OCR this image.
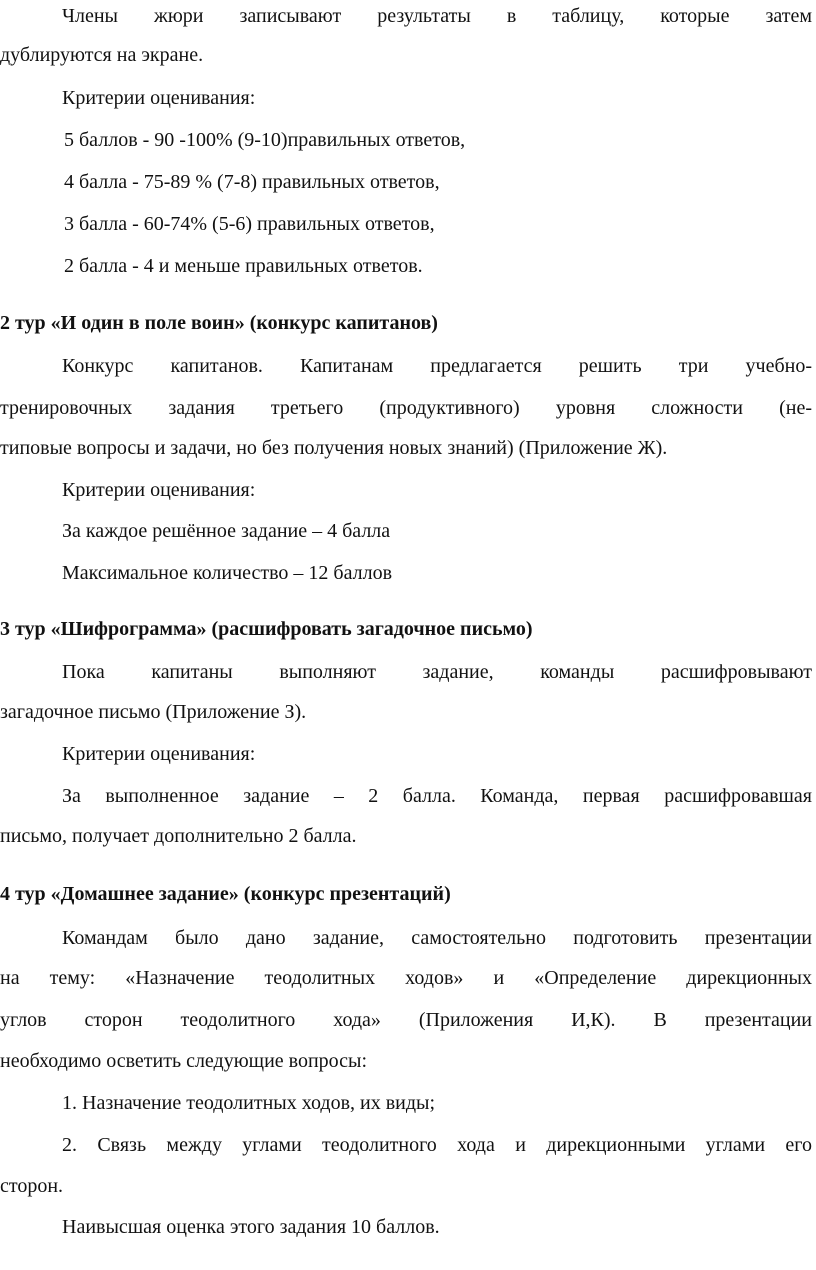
Члены жюри записывают результаты в таблицу, которые затем
дублируются на экране.
Критерии оценивания:
5 баллов - 90 -100% (9-10)правильных ответов,
4 балла - 75-89 % (7-8) правильных ответов,
3 балла - 60-74% (5-6) правильных ответов,
2 балла - 4 и меньше правильных ответов.
2 тур «И один в поле воин» (конкурс капитанов)
Конкурс капитанов. Капитанам предлагается решить три учебно-
тренировочных задания третьего (продуктивного) уровня сложности (не-
типовые вопросы и задачи, но без получения новых знаний) (Приложение Ж).
Критерии оценивания:
За каждое решённое задание – 4 балла
Максимальное количество – 12 баллов
3 тур «Шифрограмма» (расшифровать загадочное письмо)
Пока капитаны выполняют задание, команды расшифровывают
загадочное письмо (Приложение З).
Критерии оценивания:
За выполненное задание – 2 балла. Команда, первая расшифровавшая
письмо, получает дополнительно 2 балла.
4 тур «Домашнее задание» (конкурс презентаций)
Командам было дано задание, самостоятельно подготовить презентации
на тему: «Назначение теодолитных ходов» и «Определение дирекционных
углов сторон теодолитного хода» (Приложения И,К). В презентации
необходимо осветить следующие вопросы:
1. Назначение теодолитных ходов, их виды;
2. Связь между углами теодолитного хода и дирекционными углами его
сторон.
Наивысшая оценка этого задания 10 баллов.
